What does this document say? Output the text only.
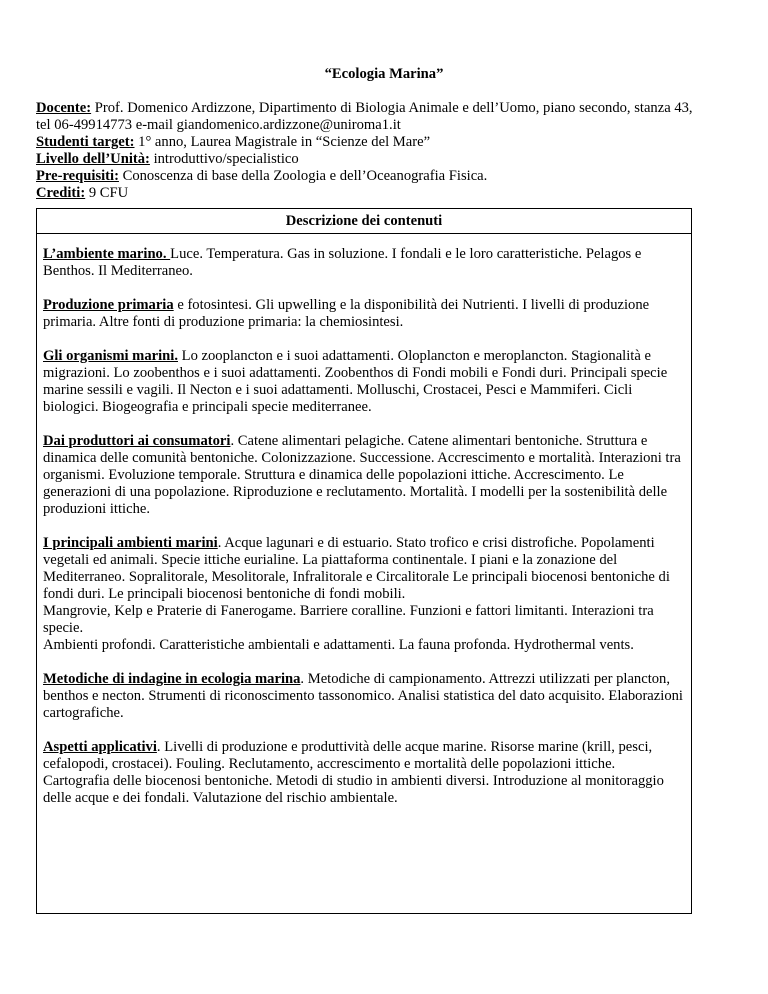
“Ecologia Marina”

Docente: Prof. Domenico Ardizzone, Dipartimento di Biologia Animale e dell’Uomo, piano secondo, stanza 43, tel 06-49914773 e-mail giandomenico.ardizzone@uniroma1.it

Studenti target: 1° anno, Laurea Magistrale in “Scienze del Mare”

Livello dell’Unità: introduttivo/specialistico

Pre-requisiti: Conoscenza di base della Zoologia e dell’Oceanografia Fisica.

Crediti: 9 CFU

Descrizione dei contenuti

L’ambiente marino. Luce. Temperatura. Gas in soluzione. I fondali e le loro caratteristiche. Pelagos e Benthos. Il Mediterraneo.

Produzione primaria e fotosintesi. Gli upwelling e la disponibilità dei Nutrienti. I livelli di produzione primaria. Altre fonti di produzione primaria: la chemiosintesi.

Gli organismi marini. Lo zooplancton e i suoi adattamenti. Oloplancton e meroplancton. Stagionalità e migrazioni. Lo zoobenthos e i suoi adattamenti. Zoobenthos di Fondi mobili e Fondi duri. Principali specie marine sessili e vagili. Il Necton e i suoi adattamenti. Molluschi, Crostacei, Pesci e Mammiferi. Cicli biologici. Biogeografia e principali specie mediterranee.

Dai produttori ai consumatori. Catene alimentari pelagiche. Catene alimentari bentoniche. Struttura e dinamica delle comunità bentoniche. Colonizzazione. Successione. Accrescimento e mortalità. Interazioni tra organismi. Evoluzione temporale. Struttura e dinamica delle popolazioni ittiche. Accrescimento. Le generazioni di una popolazione. Riproduzione e reclutamento. Mortalità. I modelli per la sostenibilità delle produzioni ittiche.

I principali ambienti marini. Acque lagunari e di estuario. Stato trofico e crisi distrofiche. Popolamenti vegetali ed animali. Specie ittiche eurialine. La piattaforma continentale. I piani e la zonazione del Mediterraneo. Sopralitorale, Mesolitorale, Infralitorale e Circalitorale Le principali biocenosi bentoniche di fondi duri. Le principali biocenosi bentoniche di fondi mobili.
Mangrovie, Kelp e Praterie di Fanerogame. Barriere coralline. Funzioni e fattori limitanti. Interazioni tra specie.
Ambienti profondi. Caratteristiche ambientali e adattamenti. La fauna profonda. Hydrothermal vents.

Metodiche di indagine in ecologia marina. Metodiche di campionamento. Attrezzi utilizzati per plancton, benthos e necton. Strumenti di riconoscimento tassonomico. Analisi statistica del dato acquisito. Elaborazioni cartografiche.

Aspetti applicativi. Livelli di produzione e produttività delle acque marine. Risorse marine (krill, pesci, cefalopodi, crostacei). Fouling. Reclutamento, accrescimento e mortalità delle popolazioni ittiche. Cartografia delle biocenosi bentoniche. Metodi di studio in ambienti diversi. Introduzione al monitoraggio delle acque e dei fondali. Valutazione del rischio ambientale.
